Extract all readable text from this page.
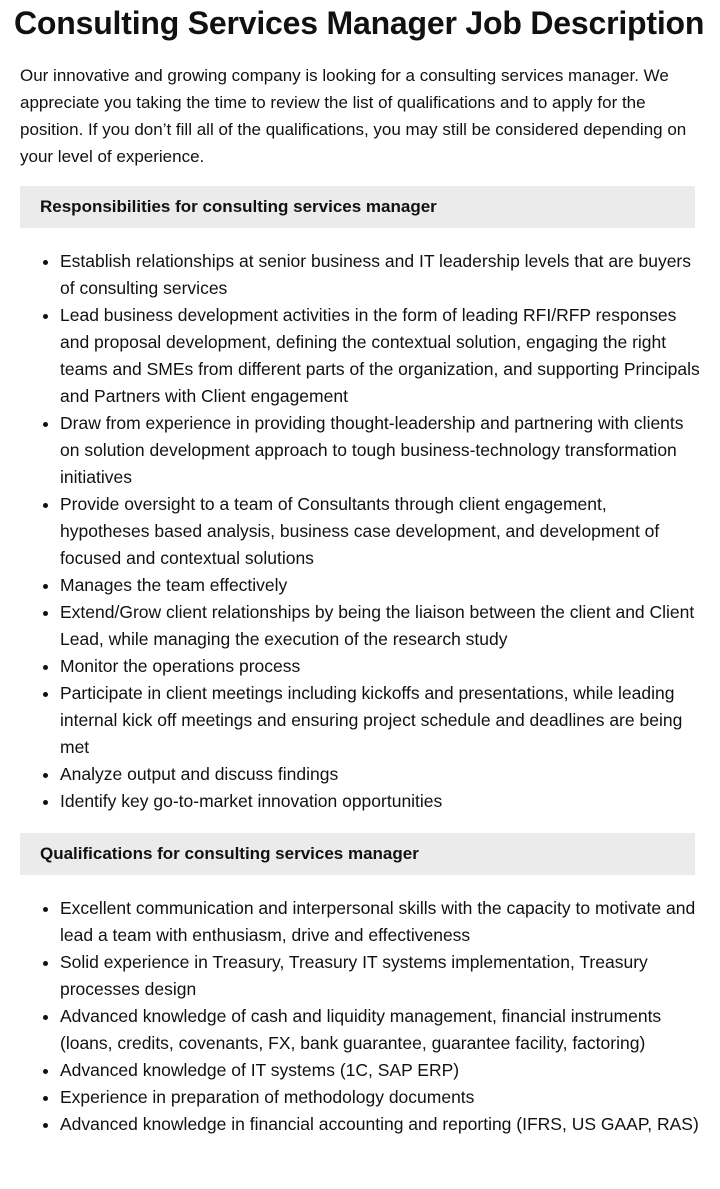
Consulting Services Manager Job Description

Our innovative and growing company is looking for a consulting services manager. We appreciate you taking the time to review the list of qualifications and to apply for the position. If you don’t fill all of the qualifications, you may still be considered depending on your level of experience.

Responsibilities for consulting services manager
• Establish relationships at senior business and IT leadership levels that are buyers of consulting services
• Lead business development activities in the form of leading RFI/RFP responses and proposal development, defining the contextual solution, engaging the right teams and SMEs from different parts of the organization, and supporting Principals and Partners with Client engagement
• Draw from experience in providing thought-leadership and partnering with clients on solution development approach to tough business-technology transformation initiatives
• Provide oversight to a team of Consultants through client engagement, hypotheses based analysis, business case development, and development of focused and contextual solutions
• Manages the team effectively
• Extend/Grow client relationships by being the liaison between the client and Client Lead, while managing the execution of the research study
• Monitor the operations process
• Participate in client meetings including kickoffs and presentations, while leading internal kick off meetings and ensuring project schedule and deadlines are being met
• Analyze output and discuss findings
• Identify key go-to-market innovation opportunities
Qualifications for consulting services manager
• Excellent communication and interpersonal skills with the capacity to motivate and lead a team with enthusiasm, drive and effectiveness
• Solid experience in Treasury, Treasury IT systems implementation, Treasury processes design
• Advanced knowledge of cash and liquidity management, financial instruments (loans, credits, covenants, FX, bank guarantee, guarantee facility, factoring)
• Advanced knowledge of IT systems (1C, SAP ERP)
• Experience in preparation of methodology documents
• Advanced knowledge in financial accounting and reporting (IFRS, US GAAP, RAS)
